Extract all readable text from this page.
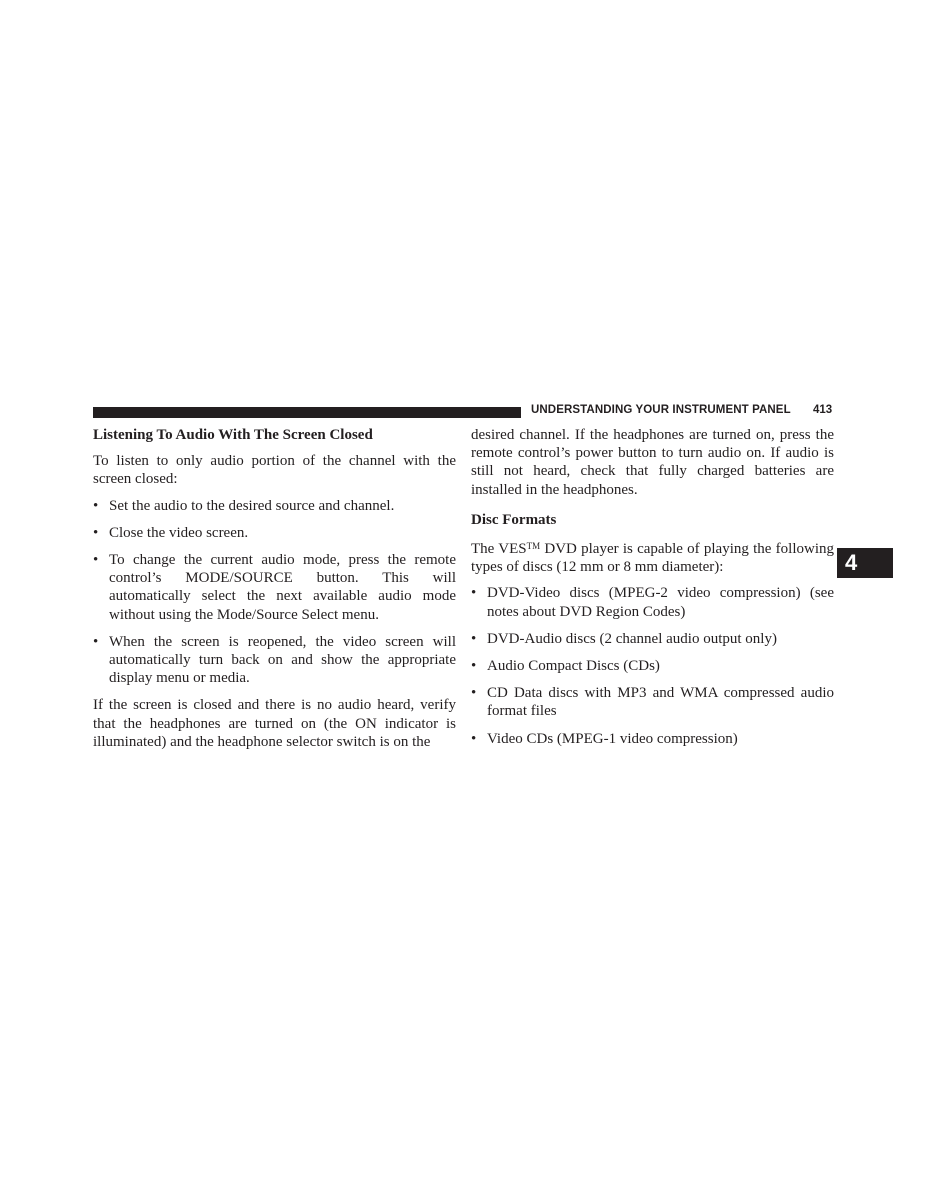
UNDERSTANDING YOUR INSTRUMENT PANEL 413
4
Listening To Audio With The Screen Closed

To listen to only audio portion of the channel with the screen closed:

• Set the audio to the desired source and channel.
• Close the video screen.
• To change the current audio mode, press the remote control’s MODE/SOURCE button. This will automatically select the next available audio mode without using the Mode/Source Select menu.
• When the screen is reopened, the video screen will automatically turn back on and show the appropriate display menu or media.

If the screen is closed and there is no audio heard, verify that the headphones are turned on (the ON indicator is illuminated) and the headphone selector switch is on the

desired channel. If the headphones are turned on, press the remote control’s power button to turn audio on. If audio is still not heard, check that fully charged batteries are installed in the headphones.

Disc Formats

The VES™ DVD player is capable of playing the following types of discs (12 mm or 8 mm diameter):

• DVD-Video discs (MPEG-2 video compression) (see notes about DVD Region Codes)
• DVD-Audio discs (2 channel audio output only)
• Audio Compact Discs (CDs)
• CD Data discs with MP3 and WMA compressed audio format files
• Video CDs (MPEG-1 video compression)
